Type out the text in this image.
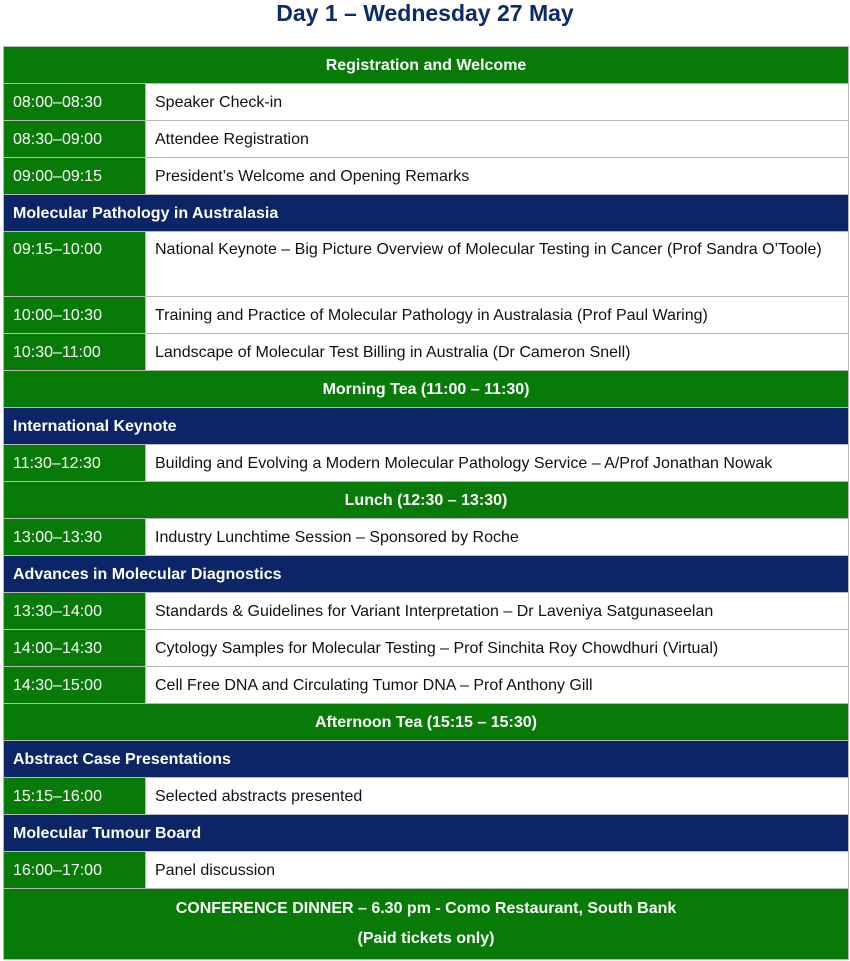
Day 1 – Wednesday 27 May
Registration and Welcome	
08:00–08:30	Speaker Check-in
08:30–09:00	Attendee Registration
09:00–09:15	President’s Welcome and Opening Remarks
Molecular Pathology in Australasia	
09:15–10:00	National Keynote – Big Picture Overview of Molecular Testing in Cancer (Prof Sandra O’Toole)
10:00–10:30	Training and Practice of Molecular Pathology in Australasia (Prof Paul Waring)
10:30–11:00	Landscape of Molecular Test Billing in Australia (Dr Cameron Snell)
Morning Tea (11:00 – 11:30)	
International Keynote	
11:30–12:30	Building and Evolving a Modern Molecular Pathology Service – A/Prof Jonathan Nowak
Lunch (12:30 – 13:30)	
13:00–13:30	Industry Lunchtime Session – Sponsored by Roche
Advances in Molecular Diagnostics	
13:30–14:00	Standards & Guidelines for Variant Interpretation – Dr Laveniya Satgunaseelan
14:00–14:30	Cytology Samples for Molecular Testing – Prof Sinchita Roy Chowdhuri (Virtual)
14:30–15:00	Cell Free DNA and Circulating Tumor DNA – Prof Anthony Gill
Afternoon Tea (15:15 – 15:30)	
Abstract Case Presentations	
15:15–16:00	Selected abstracts presented
Molecular Tumour Board	
16:00–17:00	Panel discussion

CONFERENCE DINNER – 6.30 pm - Como Restaurant, South Bank
(Paid tickets only)	
